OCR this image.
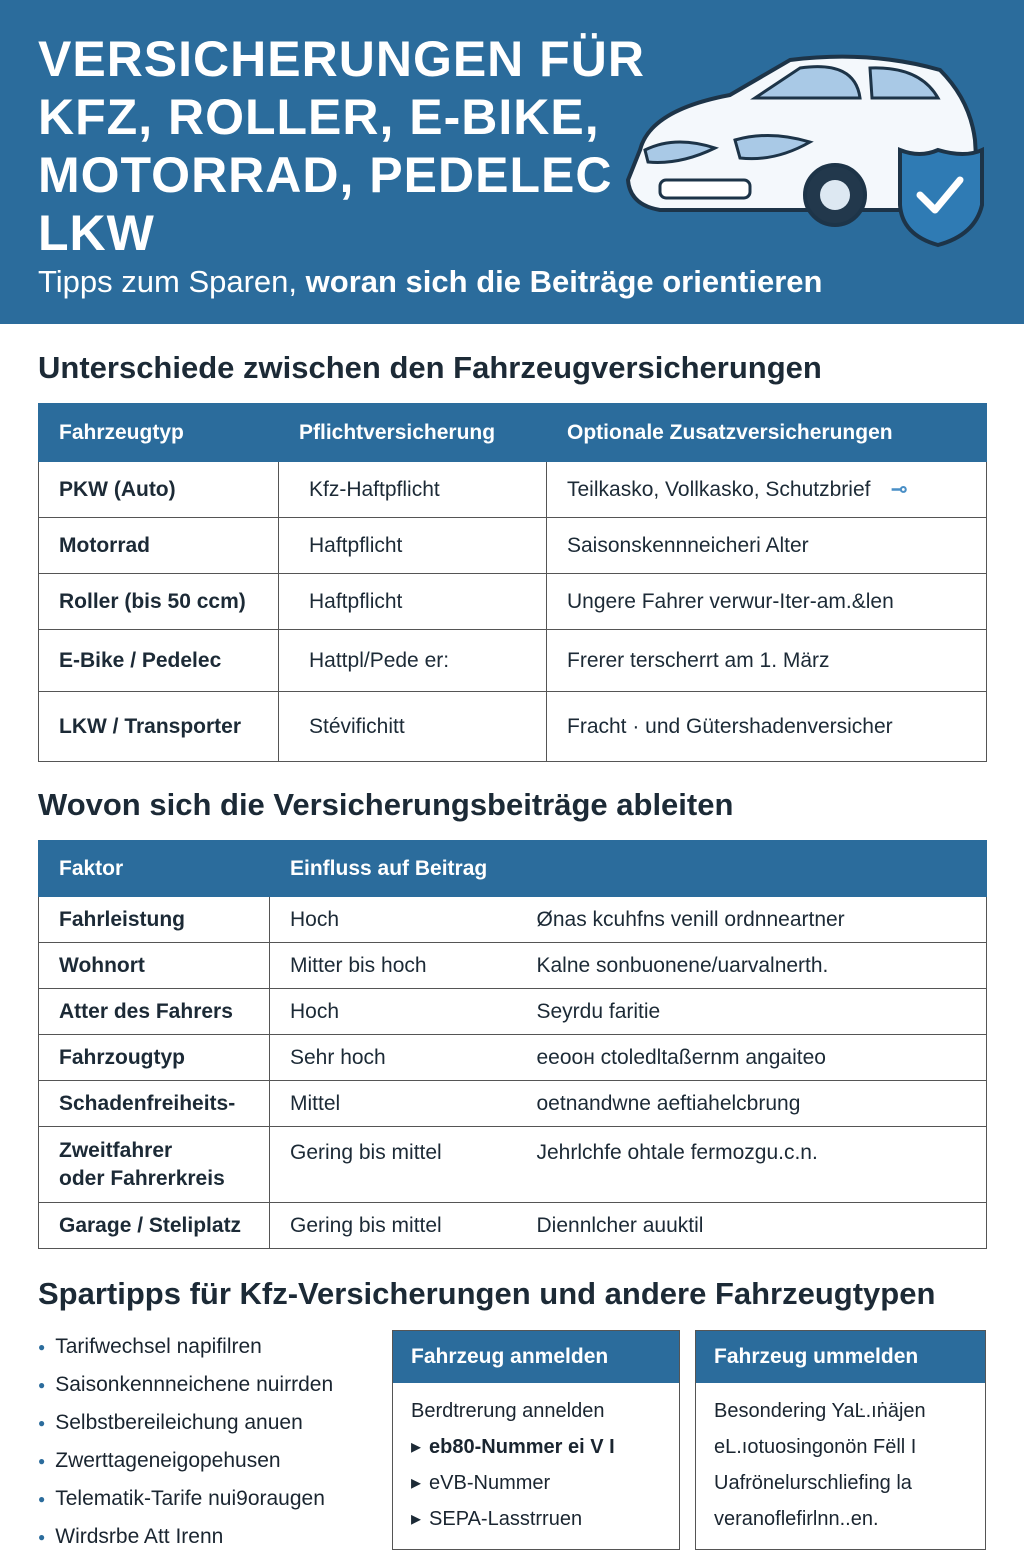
VERSICHERUNGEN FÜR
KFZ, ROLLER, E-BIKE,
MOTORRAD, PEDELEC
LKW
Tipps zum Sparen, woran sich die Beiträge orientieren
Unterschiede zwischen den Fahrzeugversicherungen
Fahrzeugtyp	Pflichtversicherung	Optionale Zusatzversicherungen
PKW (Auto)	Kfz-Haftpflicht	Teilkasko, Vollkasko, Schutzbrief ⊸
Motorrad	Haftpflicht	Saisonskennneicheri Alter
Roller (bis 50 ccm)	Haftpflicht	Ungere Fahrer verwur-Iter-am.&len
E-Bike / Pedelec	Hattpl/Pede er:	Frerer terscherrt am 1. März
LKW / Transporter	Stévifichitt	Fracht · und Gütershadenversicher
Wovon sich die Versicherungsbeiträge ableiten
Faktor	Einfluss auf Beitrag	
Fahrleistung	Hoch	Ønas kcuhfns venill ordnneartner
Wohnort	Mitter bis hoch	Kalne sonbuonene/uarvalnerth.
Atter des Fahrers	Hoch	Seyrdu faritie
Fahrzougtyp	Sehr hoch	ееоон ctoledltaßernm angaiteo
Schadenfreiheits-	Mittel	oetnandwne aeftiahelcbrung
Zweitfahrer
oder Fahrerkreis	Gering bis mittel	Jehrlchfe ohtale fermozgu.c.n.
Garage / Steliplatz	Gering bis mittel	Diennlcher auuktil
Spartipps für Kfz-Versicherungen und andere Fahrzeugtypen
● Tarifwechsel napifilren
● Saisonkennneichene nuirrden
● Selbstbereileichung anuen
● Zwerttageneigopehusen
● Telematik-Tarife nui9oraugen
● Wirdsrbe Att Irenn
Fahrzeug anmelden
Berdtrerung annelden
▸ eb80-Nummer ei V I
▸ eVB-Nummer
▸ SEPA-Lasstrruen
Fahrzeug ummelden
Besondering YaĿ.ıṅäjen
eL.ıotuosingonön Fëll I
Uafrönelurschliefing la
veranoflefirlnn..en.
